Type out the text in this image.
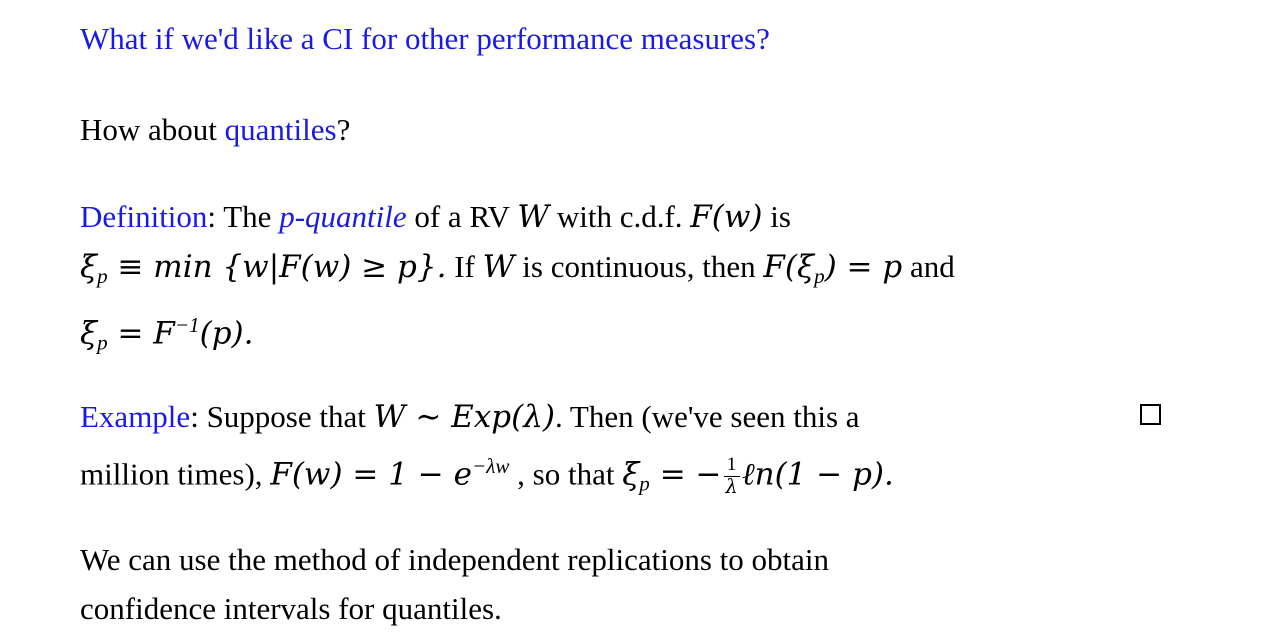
What if we'd like a CI for other performance measures?
How about quantiles?
Definition: The p-quantile of a RV W with c.d.f. F(w) is
$\xi_p \equiv \min \{w|F(w) \ge p\}$. If W is continuous, then $F(\xi_p) = p$ and
$\xi_p = F^{-1}(p)$.
Example: Suppose that W ∼ Exp(λ). Then (we've seen this a
million times), $F(w) = 1 - e^{-\lambda w}$ , so that $\xi_p$ = − $\frac{1}{\lambda}$ ℓn(1 − p).
We can use the method of independent replications to obtain
confidence intervals for quantiles.
